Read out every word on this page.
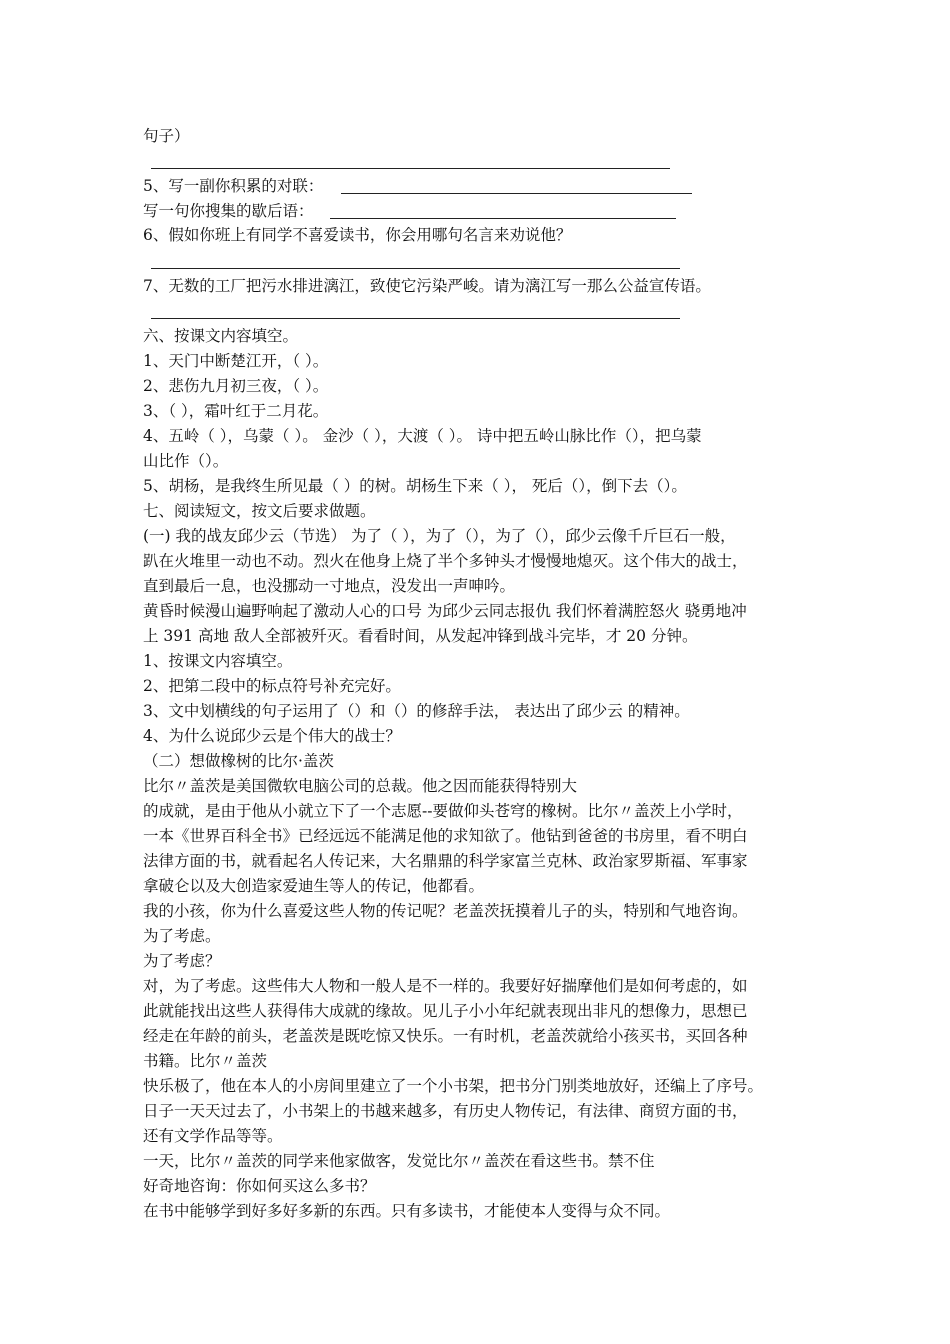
句子）
5、写一副你积累的对联：
写一句你搜集的歇后语：
6、假如你班上有同学不喜爱读书，你会用哪句名言来劝说他？
7、无数的工厂把污水排进漓江，致使它污染严峻。请为漓江写一那么公益宣传语。
六、按课文内容填空。
1、天门中断楚江开，（ ）。
2、悲伤九月初三夜，（ ）。
3、（ ），霜叶红于二月花。
4、五岭（ ），乌蒙（ ）。 金沙（ ），大渡（ ）。 诗中把五岭山脉比作（），把乌蒙
山比作（）。
5、胡杨，是我终生所见最（ ）的树。胡杨生下来（ ）， 死后（），倒下去（）。
七、阅读短文，按文后要求做题。
(一) 我的战友邱少云（节选） 为了（ ），为了（），为了（），邱少云像千斤巨石一般，
趴在火堆里一动也不动。烈火在他身上烧了半个多钟头才慢慢地熄灭。这个伟大的战士，
直到最后一息，也没挪动一寸地点，没发出一声呻吟。
黄昏时候漫山遍野响起了激动人心的口号 为邱少云同志报仇 我们怀着满腔怒火 骁勇地冲
上 391 高地 敌人全部被歼灭。看看时间，从发起冲锋到战斗完毕，才 20 分钟。
1、按课文内容填空。
2、把第二段中的标点符号补充完好。
3、文中划横线的句子运用了（）和（）的修辞手法， 表达出了邱少云 的精神。
4、为什么说邱少云是个伟大的战士？
（二）想做橡树的比尔·盖茨
比尔〃盖茨是美国微软电脑公司的总裁。他之因而能获得特别大
的成就，是由于他从小就立下了一个志愿--要做仰头苍穹的橡树。比尔〃盖茨上小学时，
一本《世界百科全书》已经远远不能满足他的求知欲了。他钻到爸爸的书房里，看不明白
法律方面的书，就看起名人传记来，大名鼎鼎的科学家富兰克林、政治家罗斯福、军事家
拿破仑以及大创造家爱迪生等人的传记，他都看。
我的小孩，你为什么喜爱这些人物的传记呢？老盖茨抚摸着儿子的头，特别和气地咨询。
为了考虑。
为了考虑？
对，为了考虑。这些伟大人物和一般人是不一样的。我要好好揣摩他们是如何考虑的，如
此就能找出这些人获得伟大成就的缘故。见儿子小小年纪就表现出非凡的想像力，思想已
经走在年龄的前头，老盖茨是既吃惊又快乐。一有时机，老盖茨就给小孩买书，买回各种
书籍。比尔〃盖茨
快乐极了，他在本人的小房间里建立了一个小书架，把书分门别类地放好，还编上了序号。
日子一天天过去了，小书架上的书越来越多，有历史人物传记，有法律、商贸方面的书，
还有文学作品等等。
一天，比尔〃盖茨的同学来他家做客，发觉比尔〃盖茨在看这些书。禁不住
好奇地咨询：你如何买这么多书？
在书中能够学到好多好多新的东西。只有多读书，才能使本人变得与众不同。
